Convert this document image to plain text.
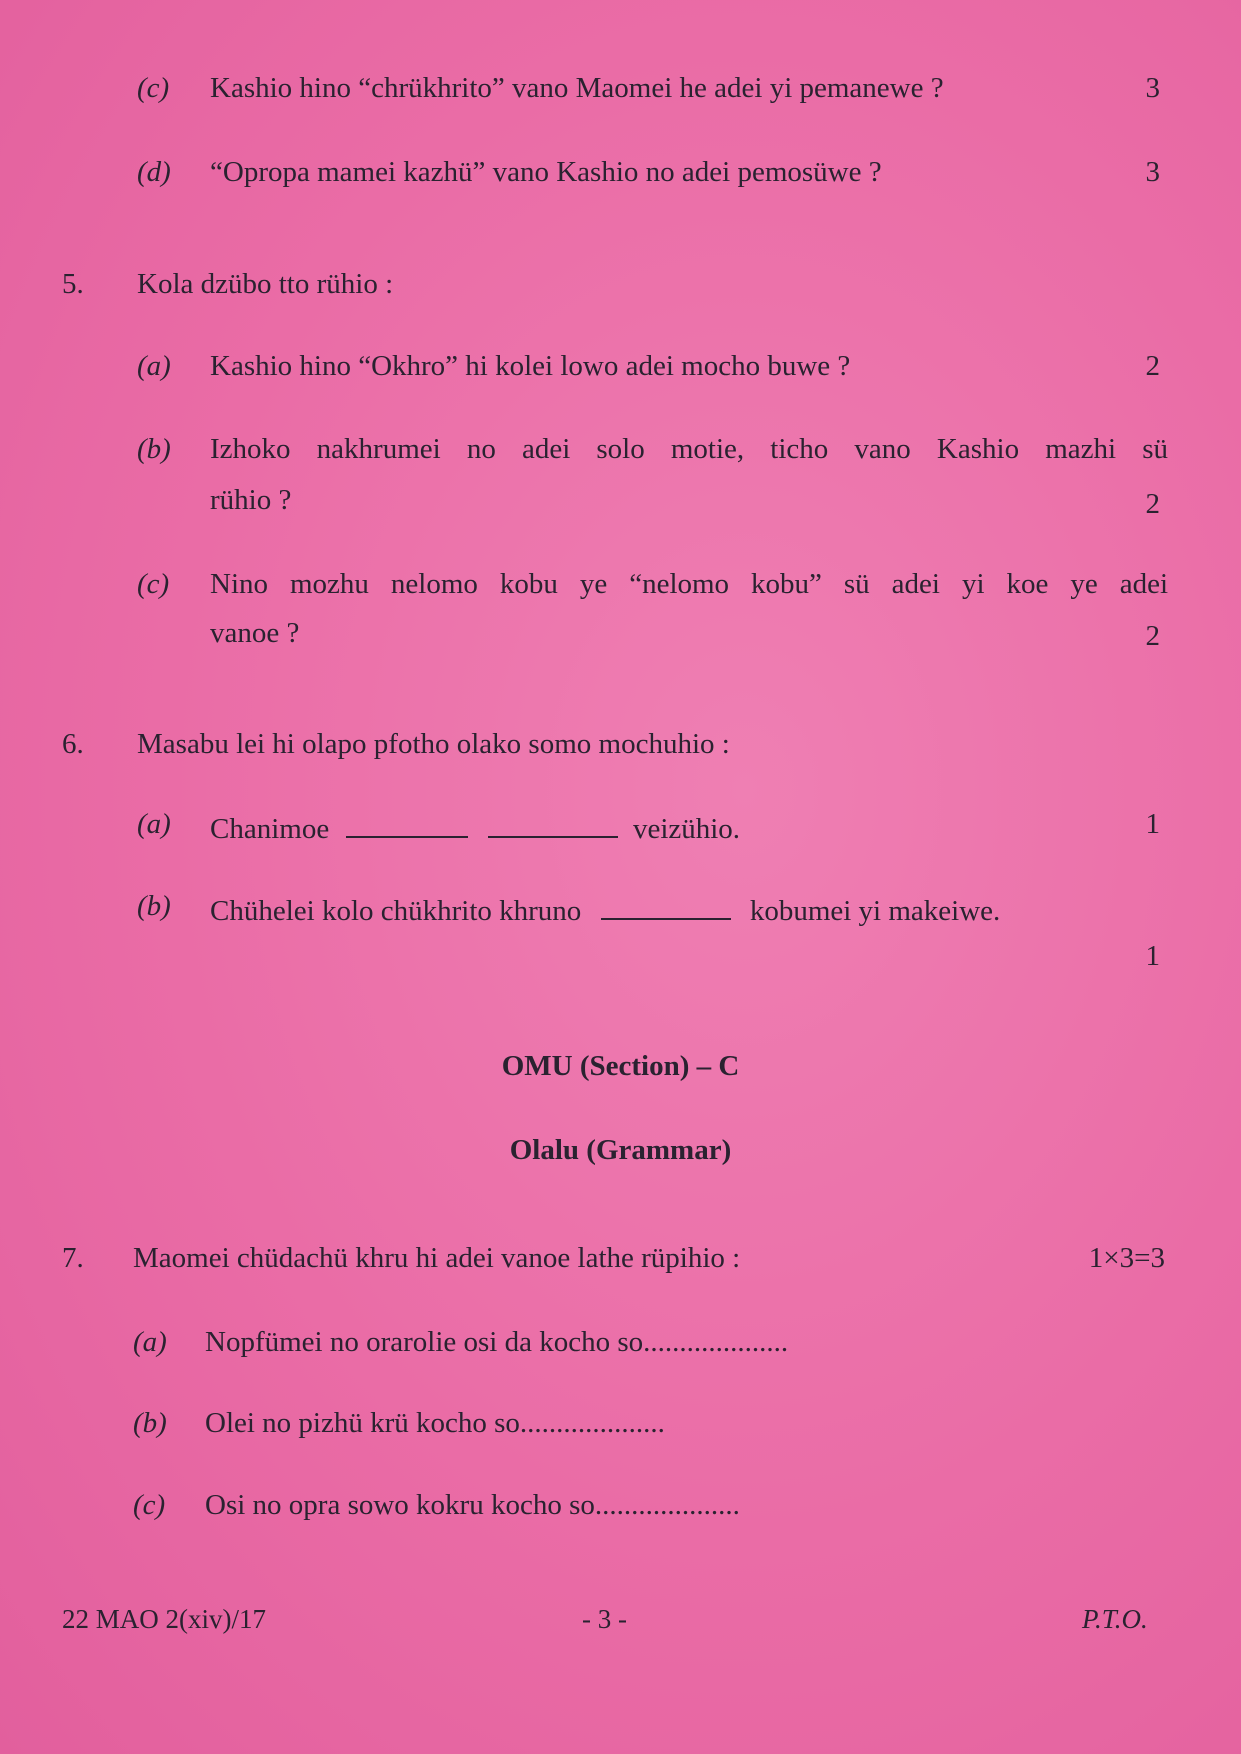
(c) Kashio hino “chrükhrito” vano Maomei he adei yi pemanewe ?	3
(d) “Opropa mamei kazhü” vano Kashio no adei pemosüwe ?	3
5. Kola dzübo tto rühio :
(a) Kashio hino “Okhro” hi kolei lowo adei mocho buwe ?	2
(b) Izhoko nakhrumei no adei solo motie, ticho vano Kashio mazhi sü
rühio ?	2
(c) Nino mozhu nelomo kobu ye “nelomo kobu” sü adei yi koe ye adei
vanoe ?	2
6. Masabu lei hi olapo pfotho olako somo mochuhio :
(a) Chanimoe	veizühio.	1
(b) Chühelei kolo chükhrito khruno	kobumei yi makeiwe.
1
OMU (Section) – C
Olalu (Grammar)
7. Maomei chüdachü khru hi adei vanoe lathe rüpihio :	1×3=3
(a) Nopfümei no orarolie osi da kocho so....................
(b) Olei no pizhü krü kocho so....................
(c) Osi no opra sowo kokru kocho so....................
22 MAO 2(xiv)/17	- 3 -	P.T.O.
